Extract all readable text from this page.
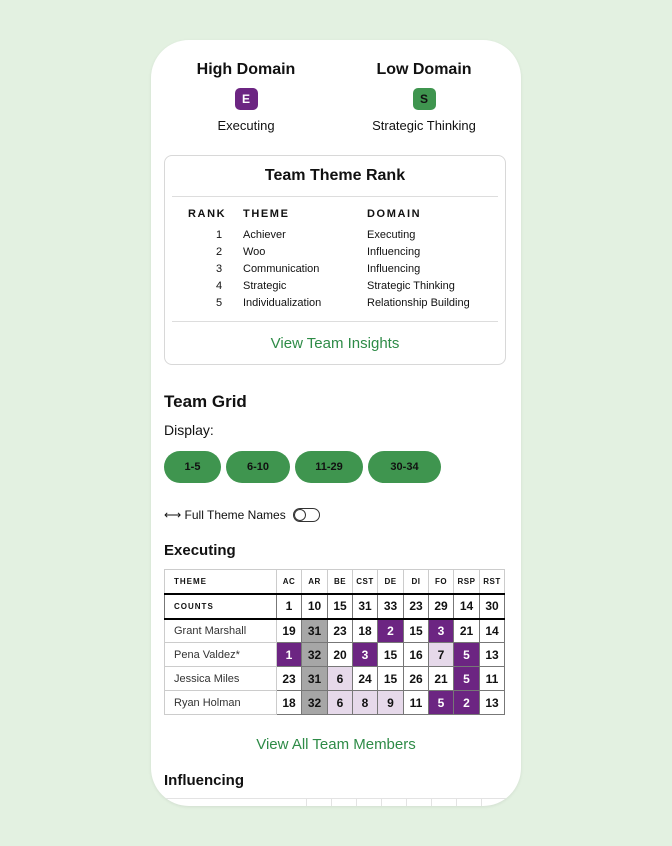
High Domain
E
Executing
Low Domain
S
Strategic Thinking
Team Theme Rank
RANK THEME	DOMAIN
1 Achiever	Executing
2 Woo	Influencing
3 Communication	Influencing
4 Strategic	Strategic Thinking
5 Individualization	Relationship Building
View Team Insights
Team Grid
Display:
1-5	6-10	11-29	30-34
⟷ Full Theme Names
Executing
THEME	AC	AR	BE	CST	DE	DI	FO	RSP	RST
COUNTS	1	10	15	31	33	23	29	14	30
Grant Marshall	19	31	23	18	2	15	3	21	14
Pena Valdez*	1	32	20	3	15	16	7	5	13
Jessica Miles	23	31	6	24	15	26	21	5	11
Ryan Holman	18	32	6	8	9	11	5	2	13
View All Team Members
Influencing
